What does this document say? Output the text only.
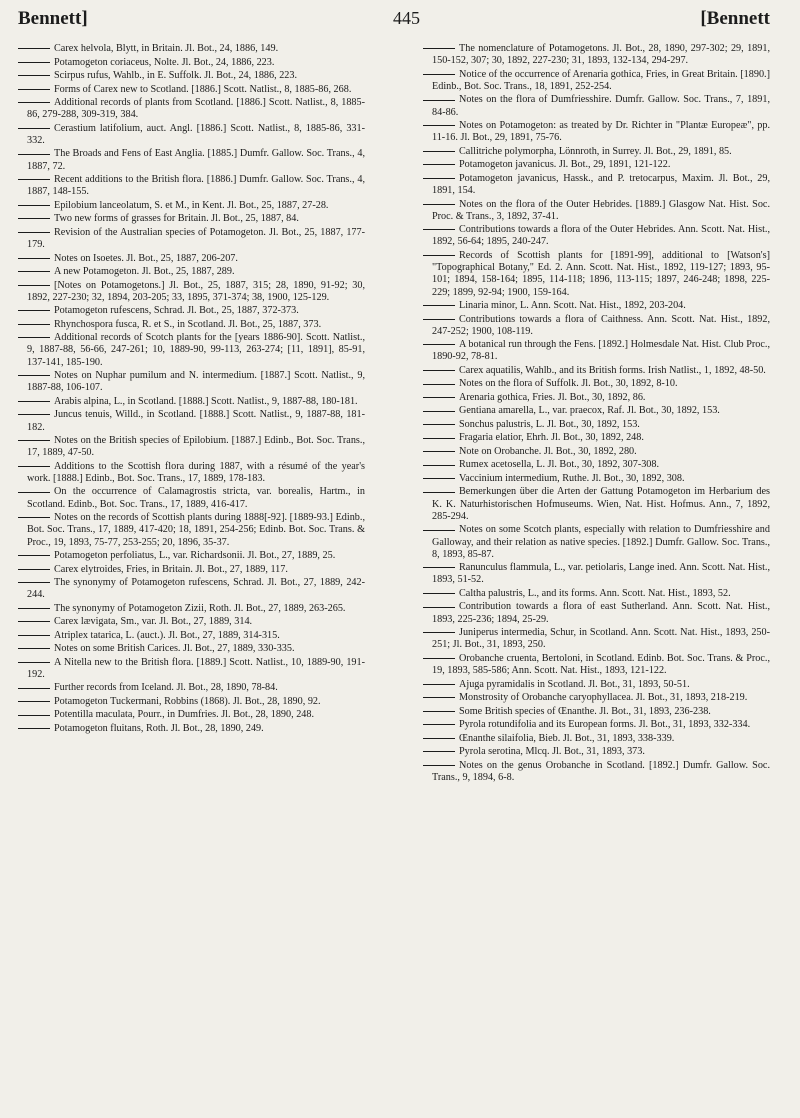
Bennett]	445	[Bennett
Carex helvola, Blytt, in Britain. Jl. Bot., 24, 1886, 149.
Potamogeton coriaceus, Nolte. Jl. Bot., 24, 1886, 223.
Scirpus rufus, Wahlb., in E. Suffolk. Jl. Bot., 24, 1886, 223.
Forms of Carex new to Scotland. [1886.] Scott. Natlist., 8, 1885-86, 268.
Additional records of plants from Scotland. [1886.] Scott. Natlist., 8, 1885-86, 279-288, 309-319, 384.
Cerastium latifolium, auct. Angl. [1886.] Scott. Natlist., 8, 1885-86, 331-332.
The Broads and Fens of East Anglia. [1885.] Dumfr. Gallow. Soc. Trans., 4, 1887, 72.
Recent additions to the British flora. [1886.] Dumfr. Gallow. Soc. Trans., 4, 1887, 148-155.
Epilobium lanceolatum, S. et M., in Kent. Jl. Bot., 25, 1887, 27-28.
Two new forms of grasses for Britain. Jl. Bot., 25, 1887, 84.
Revision of the Australian species of Potamogeton. Jl. Bot., 25, 1887, 177-179.
Notes on Isoetes. Jl. Bot., 25, 1887, 206-207.
A new Potamogeton. Jl. Bot., 25, 1887, 289.
[Notes on Potamogetons.] Jl. Bot., 25, 1887, 315; 28, 1890, 91-92; 30, 1892, 227-230; 32, 1894, 203-205; 33, 1895, 371-374; 38, 1900, 125-129.
Potamogeton rufescens, Schrad. Jl. Bot., 25, 1887, 372-373.
Rhynchospora fusca, R. et S., in Scotland. Jl. Bot., 25, 1887, 373.
Additional records of Scotch plants for the [years 1886-90]. Scott. Natlist., 9, 1887-88, 56-66, 247-261; 10, 1889-90, 99-113, 263-274; [11, 1891], 85-91, 137-141, 185-190.
Notes on Nuphar pumilum and N. intermedium. [1887.] Scott. Natlist., 9, 1887-88, 106-107.
Arabis alpina, L., in Scotland. [1888.] Scott. Natlist., 9, 1887-88, 180-181.
Juncus tenuis, Willd., in Scotland. [1888.] Scott. Natlist., 9, 1887-88, 181-182.
Notes on the British species of Epilobium. [1887.] Edinb., Bot. Soc. Trans., 17, 1889, 47-50.
Additions to the Scottish flora during 1887, with a résumé of the year's work. [1888.] Edinb., Bot. Soc. Trans., 17, 1889, 178-183.
On the occurrence of Calamagrostis stricta, var. borealis, Hartm., in Scotland. Edinb., Bot. Soc. Trans., 17, 1889, 416-417.
Notes on the records of Scottish plants during 1888[-92]. [1889-93.] Edinb., Bot. Soc. Trans., 17, 1889, 417-420; 18, 1891, 254-256; Edinb. Bot. Soc. Trans. & Proc., 19, 1893, 75-77, 253-255; 20, 1896, 35-37.
Potamogeton perfoliatus, L., var. Richardsonii. Jl. Bot., 27, 1889, 25.
Carex elytroides, Fries, in Britain. Jl. Bot., 27, 1889, 117.
The synonymy of Potamogeton rufescens, Schrad. Jl. Bot., 27, 1889, 242-244.
The synonymy of Potamogeton Zizii, Roth. Jl. Bot., 27, 1889, 263-265.
Carex lævigata, Sm., var. Jl. Bot., 27, 1889, 314.
Atriplex tatarica, L. (auct.). Jl. Bot., 27, 1889, 314-315.
Notes on some British Carices. Jl. Bot., 27, 1889, 330-335.
A Nitella new to the British flora. [1889.] Scott. Natlist., 10, 1889-90, 191-192.
Further records from Iceland. Jl. Bot., 28, 1890, 78-84.
Potamogeton Tuckermani, Robbins (1868). Jl. Bot., 28, 1890, 92.
Potentilla maculata, Pourr., in Dumfries. Jl. Bot., 28, 1890, 248.
Potamogeton fluitans, Roth. Jl. Bot., 28, 1890, 249.
The nomenclature of Potamogetons. Jl. Bot., 28, 1890, 297-302; 29, 1891, 150-152, 307; 30, 1892, 227-230; 31, 1893, 132-134, 294-297.
Notice of the occurrence of Arenaria gothica, Fries, in Great Britain. [1890.] Edinb., Bot. Soc. Trans., 18, 1891, 252-254.
Notes on the flora of Dumfriesshire. Dumfr. Gallow. Soc. Trans., 7, 1891, 84-86.
Notes on Potamogeton: as treated by Dr. Richter in "Plantæ Europeæ", pp. 11-16. Jl. Bot., 29, 1891, 75-76.
Callitriche polymorpha, Lönnroth, in Surrey. Jl. Bot., 29, 1891, 85.
Potamogeton javanicus. Jl. Bot., 29, 1891, 121-122.
Potamogeton javanicus, Hassk., and P. tretocarpus, Maxim. Jl. Bot., 29, 1891, 154.
Notes on the flora of the Outer Hebrides. [1889.] Glasgow Nat. Hist. Soc. Proc. & Trans., 3, 1892, 37-41.
Contributions towards a flora of the Outer Hebrides. Ann. Scott. Nat. Hist., 1892, 56-64; 1895, 240-247.
Records of Scottish plants for [1891-99], additional to [Watson's] "Topographical Botany," Ed. 2. Ann. Scott. Nat. Hist., 1892, 119-127; 1893, 95-101; 1894, 158-164; 1895, 114-118; 1896, 113-115; 1897, 246-248; 1898, 225-229; 1899, 92-94; 1900, 159-164.
Linaria minor, L. Ann. Scott. Nat. Hist., 1892, 203-204.
Contributions towards a flora of Caithness. Ann. Scott. Nat. Hist., 1892, 247-252; 1900, 108-119.
A botanical run through the Fens. [1892.] Holmesdale Nat. Hist. Club Proc., 1890-92, 78-81.
Carex aquatilis, Wahlb., and its British forms. Irish Natlist., 1, 1892, 48-50.
Notes on the flora of Suffolk. Jl. Bot., 30, 1892, 8-10.
Arenaria gothica, Fries. Jl. Bot., 30, 1892, 86.
Gentiana amarella, L., var. praecox, Raf. Jl. Bot., 30, 1892, 153.
Sonchus palustris, L. Jl. Bot., 30, 1892, 153.
Fragaria elatior, Ehrh. Jl. Bot., 30, 1892, 248.
Note on Orobanche. Jl. Bot., 30, 1892, 280.
Rumex acetosella, L. Jl. Bot., 30, 1892, 307-308.
Vaccinium intermedium, Ruthe. Jl. Bot., 30, 1892, 308.
Bemerkungen über die Arten der Gattung Potamogeton im Herbarium des K. K. Naturhistorischen Hofmuseums. Wien, Nat. Hist. Hofmus. Ann., 7, 1892, 285-294.
Notes on some Scotch plants, especially with relation to Dumfriesshire and Galloway, and their relation as native species. [1892.] Dumfr. Gallow. Soc. Trans., 8, 1893, 85-87.
Ranunculus flammula, L., var. petiolaris, Lange ined. Ann. Scott. Nat. Hist., 1893, 51-52.
Caltha palustris, L., and its forms. Ann. Scott. Nat. Hist., 1893, 52.
Contribution towards a flora of east Sutherland. Ann. Scott. Nat. Hist., 1893, 225-236; 1894, 25-29.
Juniperus intermedia, Schur, in Scotland. Ann. Scott. Nat. Hist., 1893, 250-251; Jl. Bot., 31, 1893, 250.
Orobanche cruenta, Bertoloni, in Scotland. Edinb. Bot. Soc. Trans. & Proc., 19, 1893, 585-586; Ann. Scott. Nat. Hist., 1893, 121-122.
Ajuga pyramidalis in Scotland. Jl. Bot., 31, 1893, 50-51.
Monstrosity of Orobanche caryophyllacea. Jl. Bot., 31, 1893, 218-219.
Some British species of Œnanthe. Jl. Bot., 31, 1893, 236-238.
Pyrola rotundifolia and its European forms. Jl. Bot., 31, 1893, 332-334.
Œnanthe silaifolia, Bieb. Jl. Bot., 31, 1893, 338-339.
Pyrola serotina, Mlcq. Jl. Bot., 31, 1893, 373.
Notes on the genus Orobanche in Scotland. [1892.] Dumfr. Gallow. Soc. Trans., 9, 1894, 6-8.
